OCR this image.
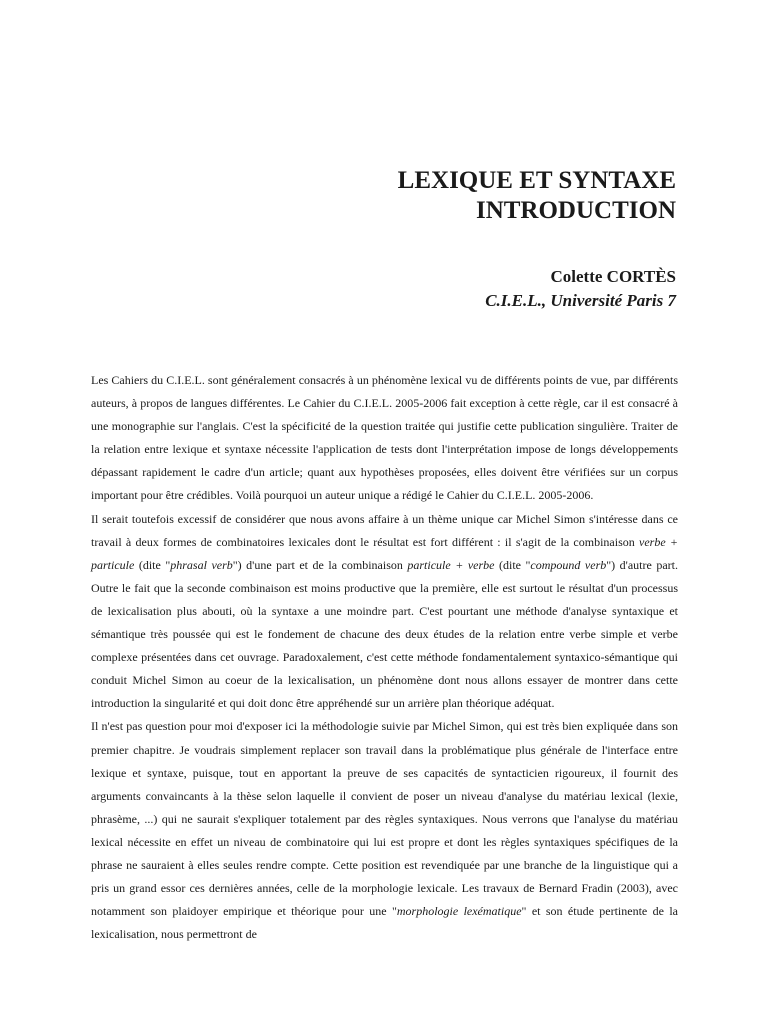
LEXIQUE ET SYNTAXE
INTRODUCTION
Colette CORTÈS
C.I.E.L., Université Paris 7

Les Cahiers du C.I.E.L. sont généralement consacrés à un phénomène lexical vu de différents points de vue, par différents auteurs, à propos de langues différentes. Le Cahier du C.I.E.L. 2005-2006 fait exception à cette règle, car il est consacré à une monographie sur l'anglais. C'est la spécificité de la question traitée qui justifie cette publication singulière. Traiter de la relation entre lexique et syntaxe nécessite l'application de tests dont l'interprétation impose de longs développements dépassant rapidement le cadre d'un article; quant aux hypothèses proposées, elles doivent être vérifiées sur un corpus important pour être crédibles. Voilà pourquoi un auteur unique a rédigé le Cahier du C.I.E.L. 2005-2006.

Il serait toutefois excessif de considérer que nous avons affaire à un thème unique car Michel Simon s'intéresse dans ce travail à deux formes de combinatoires lexicales dont le résultat est fort différent : il s'agit de la combinaison verbe + particule (dite "phrasal verb") d'une part et de la combinaison particule + verbe (dite "compound verb") d'autre part. Outre le fait que la seconde combinaison est moins productive que la première, elle est surtout le résultat d'un processus de lexicalisation plus abouti, où la syntaxe a une moindre part. C'est pourtant une méthode d'analyse syntaxique et sémantique très poussée qui est le fondement de chacune des deux études de la relation entre verbe simple et verbe complexe présentées dans cet ouvrage. Paradoxalement, c'est cette méthode fondamentalement syntaxico-sémantique qui conduit Michel Simon au coeur de la lexicalisation, un phénomène dont nous allons essayer de montrer dans cette introduction la singularité et qui doit donc être appréhendé sur un arrière plan théorique adéquat.

Il n'est pas question pour moi d'exposer ici la méthodologie suivie par Michel Simon, qui est très bien expliquée dans son premier chapitre. Je voudrais simplement replacer son travail dans la problématique plus générale de l'interface entre lexique et syntaxe, puisque, tout en apportant la preuve de ses capacités de syntacticien rigoureux, il fournit des arguments convaincants à la thèse selon laquelle il convient de poser un niveau d'analyse du matériau lexical (lexie, phrasème, ...) qui ne saurait s'expliquer totalement par des règles syntaxiques. Nous verrons que l'analyse du matériau lexical nécessite en effet un niveau de combinatoire qui lui est propre et dont les règles syntaxiques spécifiques de la phrase ne sauraient à elles seules rendre compte. Cette position est revendiquée par une branche de la linguistique qui a pris un grand essor ces dernières années, celle de la morphologie lexicale. Les travaux de Bernard Fradin (2003), avec notamment son plaidoyer empirique et théorique pour une "morphologie lexématique" et son étude pertinente de la lexicalisation, nous permettront de
